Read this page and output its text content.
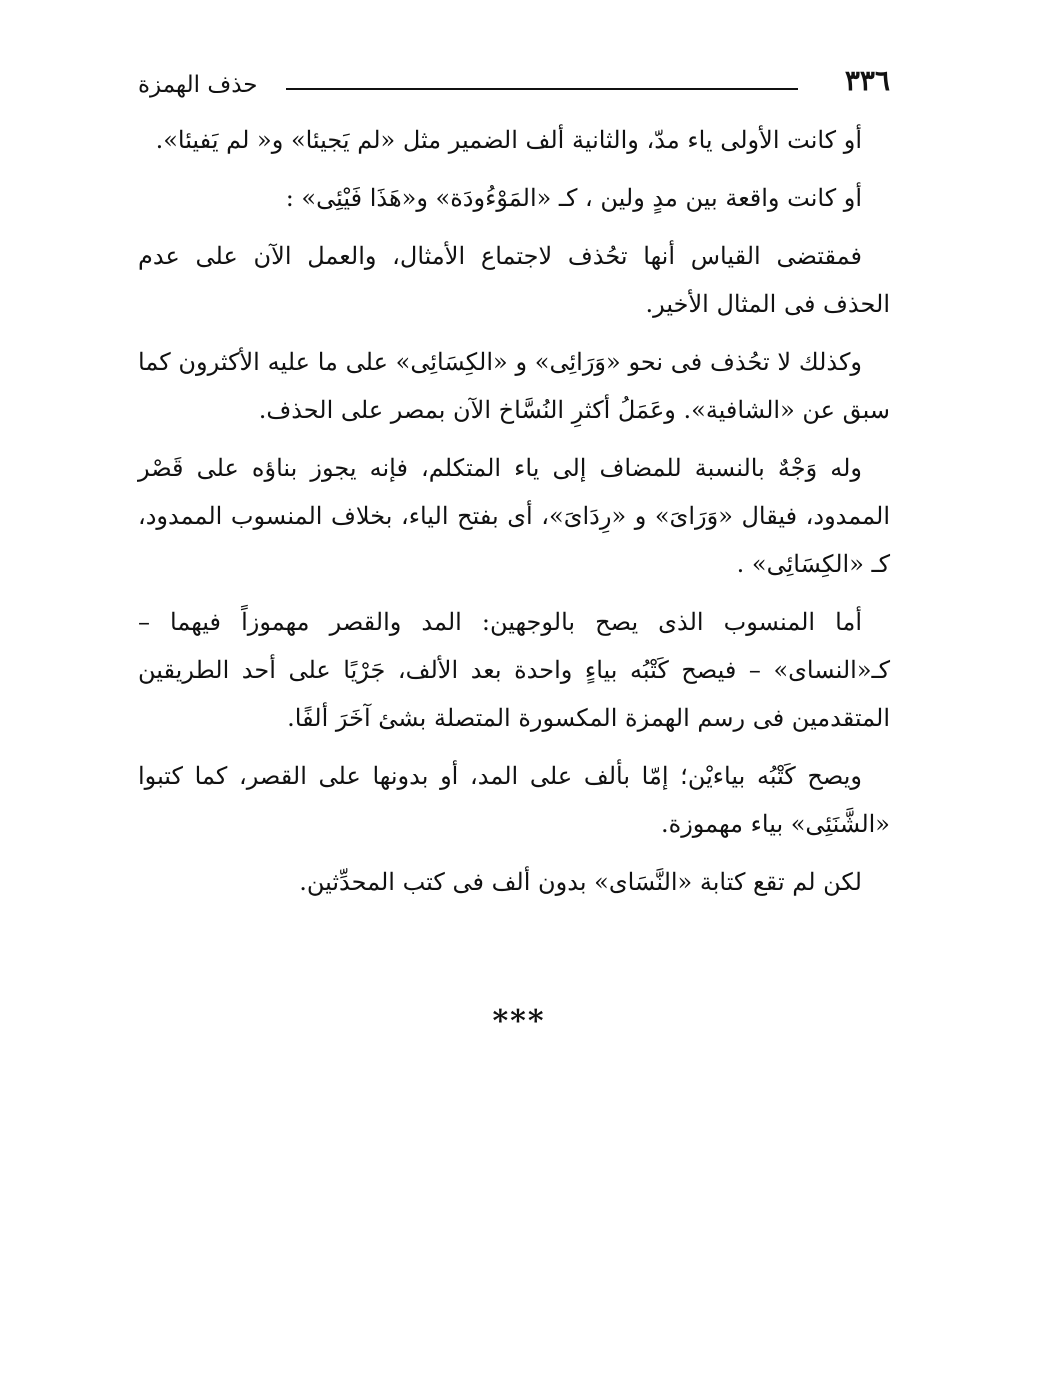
٣٣٦
حذف الهمزة

أو كانت الأولى ياء مدّ، والثانية ألف الضمير مثل «لم يَجيئا» و« لم يَفيئا».

أو كانت واقعة بين مدٍ ولين ، كـ «المَوْءُودَة» و«هَذَا فَيْئِى» :

فمقتضى القياس أنها تحُذف لاجتماع الأمثال، والعمل الآن على عدم الحذف فى المثال الأخير.

وكذلك لا تحُذف فى نحو «وَرَائِى» و «الكِسَائِى» على ما عليه الأكثرون كما سبق عن «الشافية». وعَمَلُ أكثرِ النُسَّاخ الآن بمصر على الحذف.

وله وَجْهٌ بالنسبة للمضاف إلى ياء المتكلم، فإنه يجوز بناؤه على قَصْر الممدود، فيقال «وَرَاىَ» و «رِدَاىَ»، أى بفتح الياء، بخلاف المنسوب الممدود، كـ «الكِسَائِى» .

أما المنسوب الذى يصح بالوجهين: المد والقصر مهموزاً فيهما – كـ«النساى» – فيصح كَتْبُه بياءٍ واحدة بعد الألف، جَرْيًا على أحد الطريقين المتقدمين فى رسم الهمزة المكسورة المتصلة بشئ آخَرَ ألفًا.

ويصح كَتْبُه بياءيْن؛ إمّا بألف على المد، أو بدونها على القصر، كما كتبوا «الشَّنَئِى» بياء مهموزة.

لكن لم تقع كتابة «النَّسَاى» بدون ألف فى كتب المحدِّثين.

***
